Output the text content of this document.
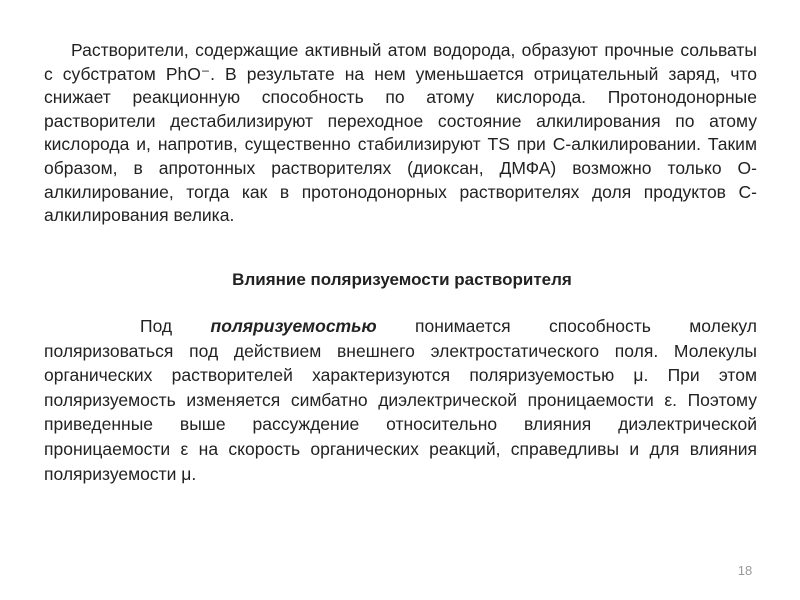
Растворители, содержащие активный атом водорода, образуют прочные сольваты с субстратом PhO⁻. В результате на нем уменьшается отрицательный заряд, что снижает реакционную способность по атому кислорода. Протонодонорные растворители дестабилизируют переходное состояние алкилирования по атому кислорода и, напротив, существенно стабилизируют TS при С-алкилировании. Таким образом, в апротонных растворителях (диоксан, ДМФА) возможно только О-алкилирование, тогда как в протонодонорных растворителях доля продуктов С-алкилирования велика.

Влияние поляризуемости растворителя

Под поляризуемостью понимается способность молекул поляризоваться под действием внешнего электростатического поля. Молекулы органических растворителей характеризуются поляризуемостью μ. При этом поляризуемость изменяется симбатно диэлектрической проницаемости ε. Поэтому приведенные выше рассуждение относительно влияния диэлектрической проницаемости ε на скорость органических реакций, справедливы и для влияния поляризуемости μ.

18
